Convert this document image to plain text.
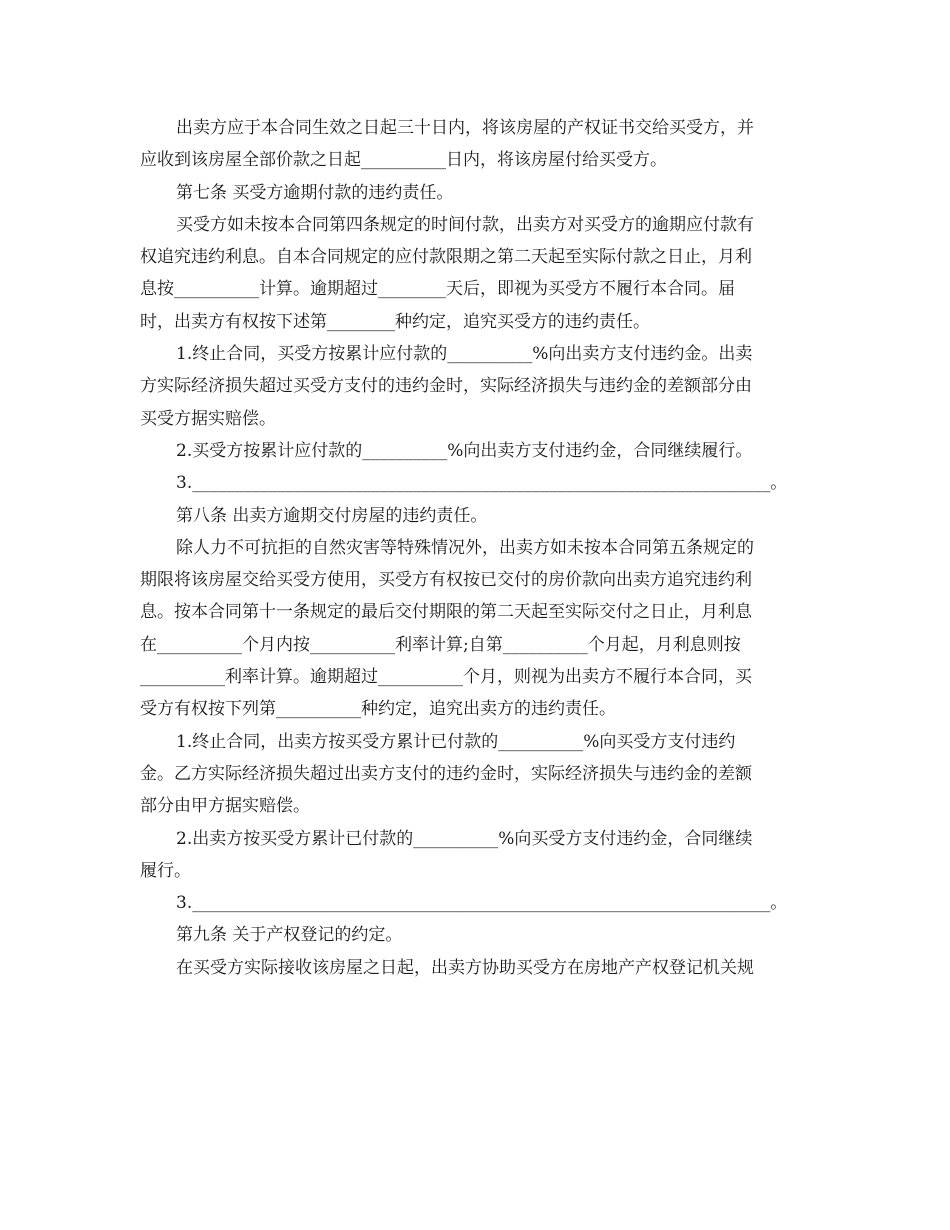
出卖方应于本合同生效之日起三十日内，将该房屋的产权证书交给买受方，并
应收到该房屋全部价款之日起__________日内，将该房屋付给买受方。
第七条 买受方逾期付款的违约责任。
买受方如未按本合同第四条规定的时间付款，出卖方对买受方的逾期应付款有
权追究违约利息。自本合同规定的应付款限期之第二天起至实际付款之日止，月利
息按__________计算。逾期超过________天后，即视为买受方不履行本合同。届
时，出卖方有权按下述第________种约定，追究买受方的违约责任。
1.终止合同，买受方按累计应付款的__________%向出卖方支付违约金。出卖
方实际经济损失超过买受方支付的违约金时，实际经济损失与违约金的差额部分由
买受方据实赔偿。
2.买受方按累计应付款的__________%向出卖方支付违约金，合同继续履行。
3.____________________________________________________________________。
第八条 出卖方逾期交付房屋的违约责任。
除人力不可抗拒的自然灾害等特殊情况外，出卖方如未按本合同第五条规定的
期限将该房屋交给买受方使用，买受方有权按已交付的房价款向出卖方追究违约利
息。按本合同第十一条规定的最后交付期限的第二天起至实际交付之日止，月利息
在__________个月内按__________利率计算;自第__________个月起，月利息则按
__________利率计算。逾期超过__________个月，则视为出卖方不履行本合同，买
受方有权按下列第__________种约定，追究出卖方的违约责任。
1.终止合同，出卖方按买受方累计已付款的__________%向买受方支付违约
金。乙方实际经济损失超过出卖方支付的违约金时，实际经济损失与违约金的差额
部分由甲方据实赔偿。
2.出卖方按买受方累计已付款的__________%向买受方支付违约金，合同继续
履行。
3.____________________________________________________________________。
第九条 关于产权登记的约定。
在买受方实际接收该房屋之日起，出卖方协助买受方在房地产产权登记机关规
